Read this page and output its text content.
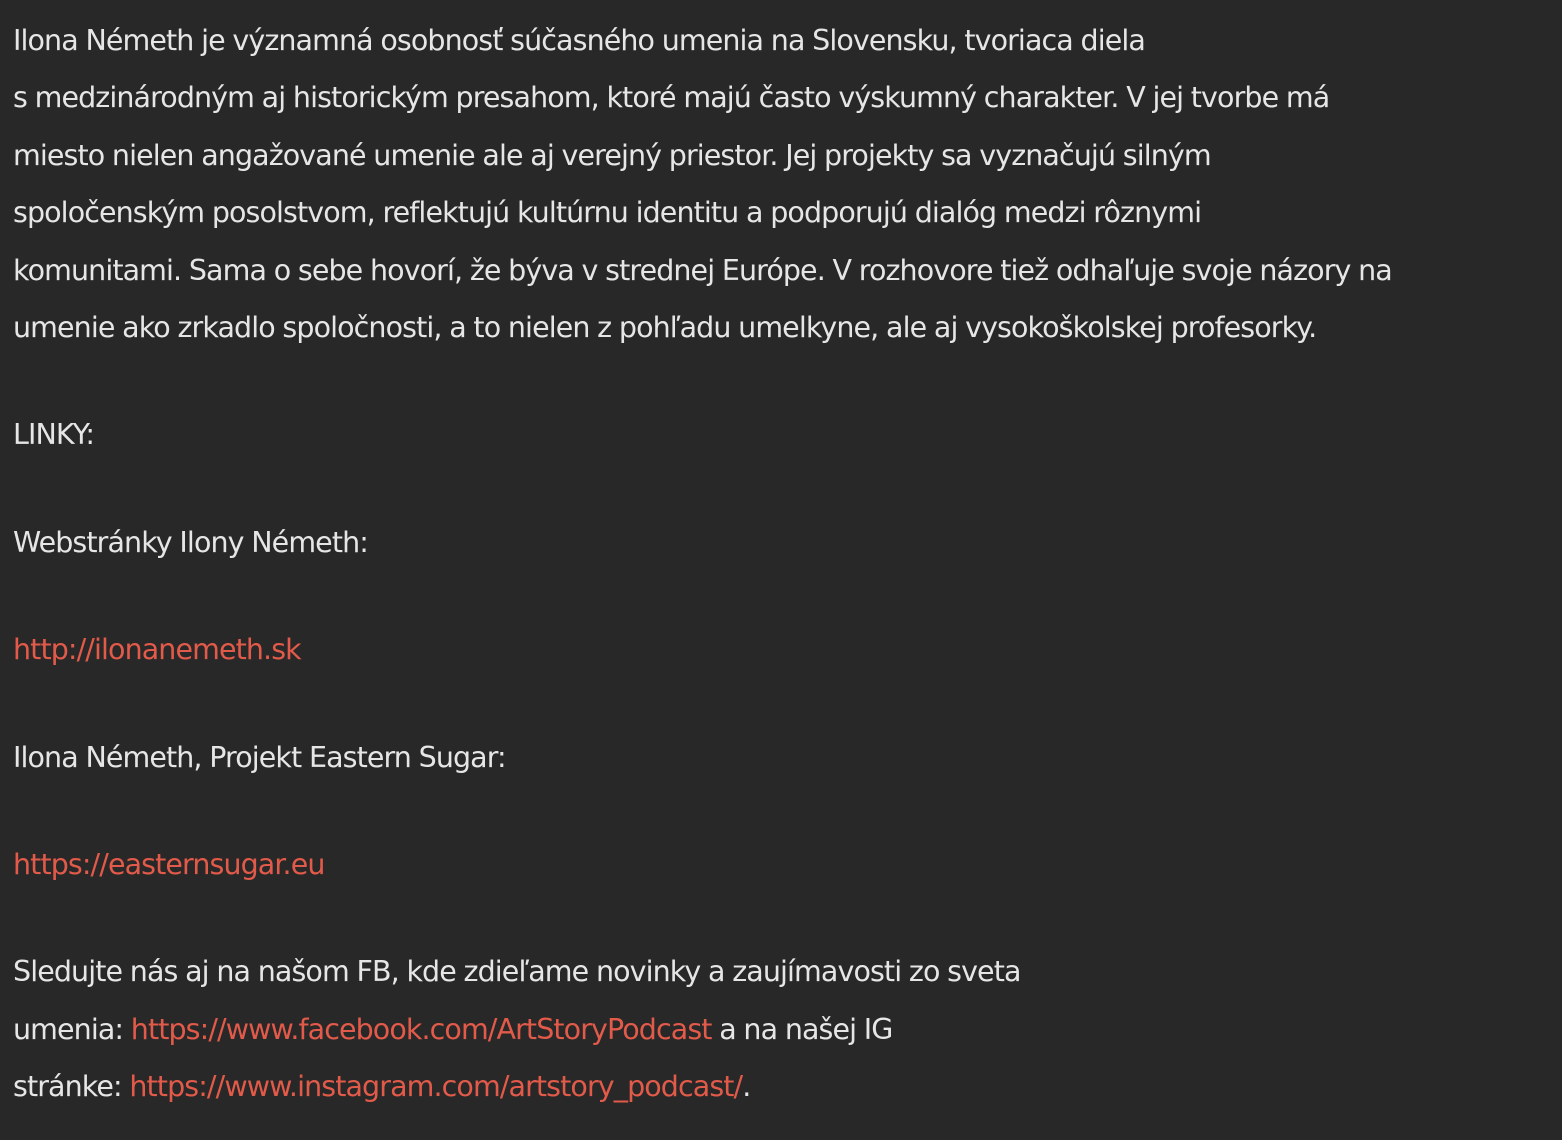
Ilona Németh je významná osobnosť súčasného umenia na Slovensku, tvoriaca diela
s medzinárodným aj historickým presahom, ktoré majú často výskumný charakter. V jej tvorbe má
miesto nielen angažované umenie ale aj verejný priestor. Jej projekty sa vyznačujú silným
spoločenským posolstvom, reflektujú kultúrnu identitu a podporujú dialóg medzi rôznymi
komunitami. Sama o sebe hovorí, že býva v strednej Európe. V rozhovore tiež odhaľuje svoje názory na
umenie ako zrkadlo spoločnosti, a to nielen z pohľadu umelkyne, ale aj vysokoškolskej profesorky.

LINKY:

Webstránky Ilony Németh:

http://ilonanemeth.sk

Ilona Németh, Projekt Eastern Sugar:

https://easternsugar.eu

Sledujte nás aj na našom FB, kde zdieľame novinky a zaujímavosti zo sveta
umenia: https://www.facebook.com/ArtStoryPodcast a na našej IG
stránke: https://www.instagram.com/artstory_podcast/.
